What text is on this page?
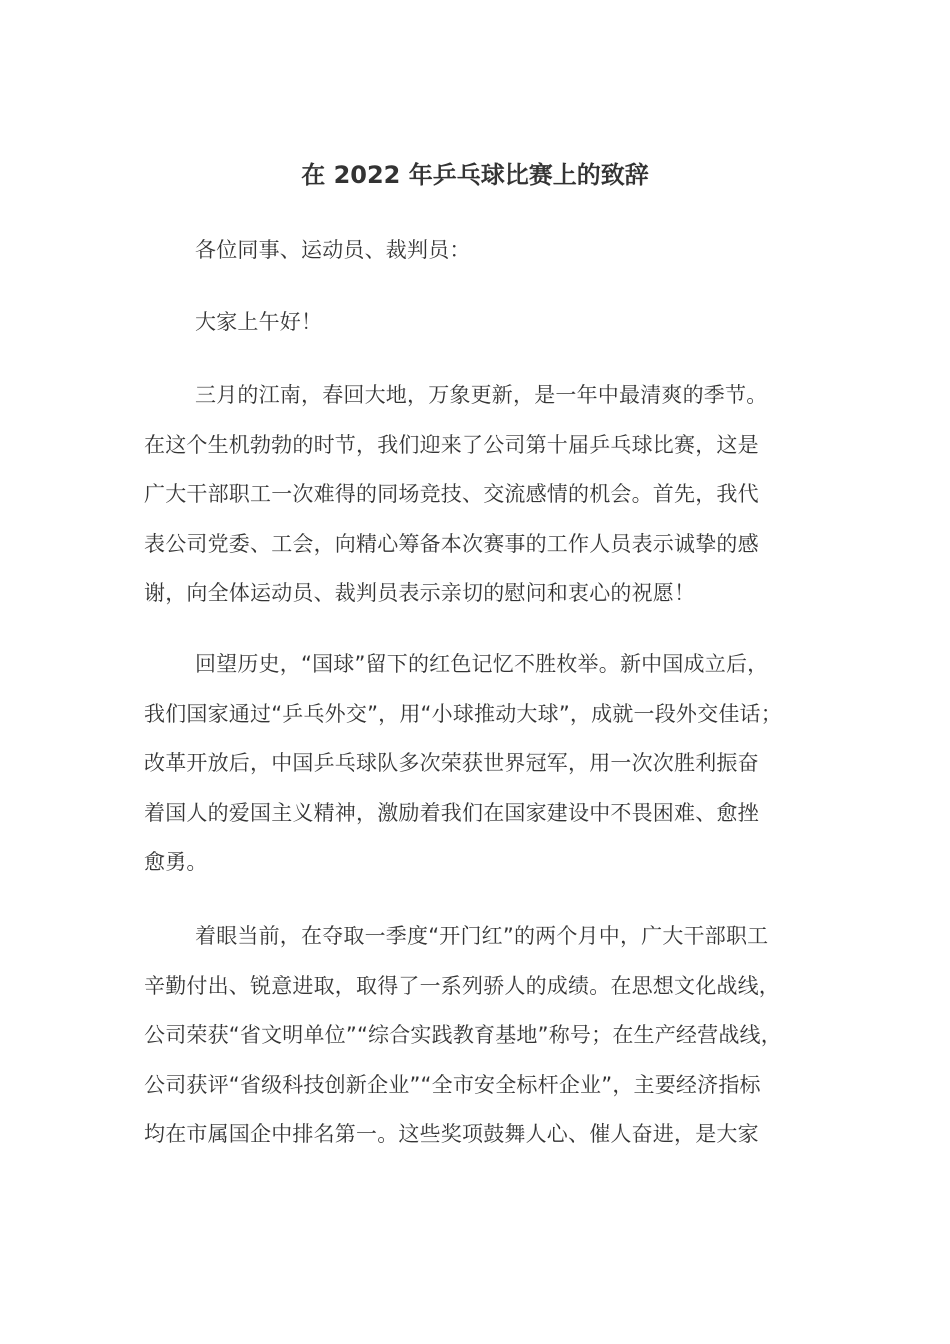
在 2022 年乒乓球比赛上的致辞

各位同事、运动员、裁判员：

大家上午好！

三月的江南，春回大地，万象更新，是一年中最清爽的季节。
在这个生机勃勃的时节，我们迎来了公司第十届乒乓球比赛，这是
广大干部职工一次难得的同场竞技、交流感情的机会。首先，我代
表公司党委、工会，向精心筹备本次赛事的工作人员表示诚挚的感
谢，向全体运动员、裁判员表示亲切的慰问和衷心的祝愿！

回望历史，“国球”留下的红色记忆不胜枚举。新中国成立后，
我们国家通过“乒乓外交”，用“小球推动大球”，成就一段外交佳话；
改革开放后，中国乒乓球队多次荣获世界冠军，用一次次胜利振奋
着国人的爱国主义精神，激励着我们在国家建设中不畏困难、愈挫
愈勇。

着眼当前，在夺取一季度“开门红”的两个月中，广大干部职工
辛勤付出、锐意进取，取得了一系列骄人的成绩。在思想文化战线，
公司荣获“省文明单位”“综合实践教育基地”称号；在生产经营战线，
公司获评“省级科技创新企业”“全市安全标杆企业”，主要经济指标
均在市属国企中排名第一。这些奖项鼓舞人心、催人奋进，是大家
